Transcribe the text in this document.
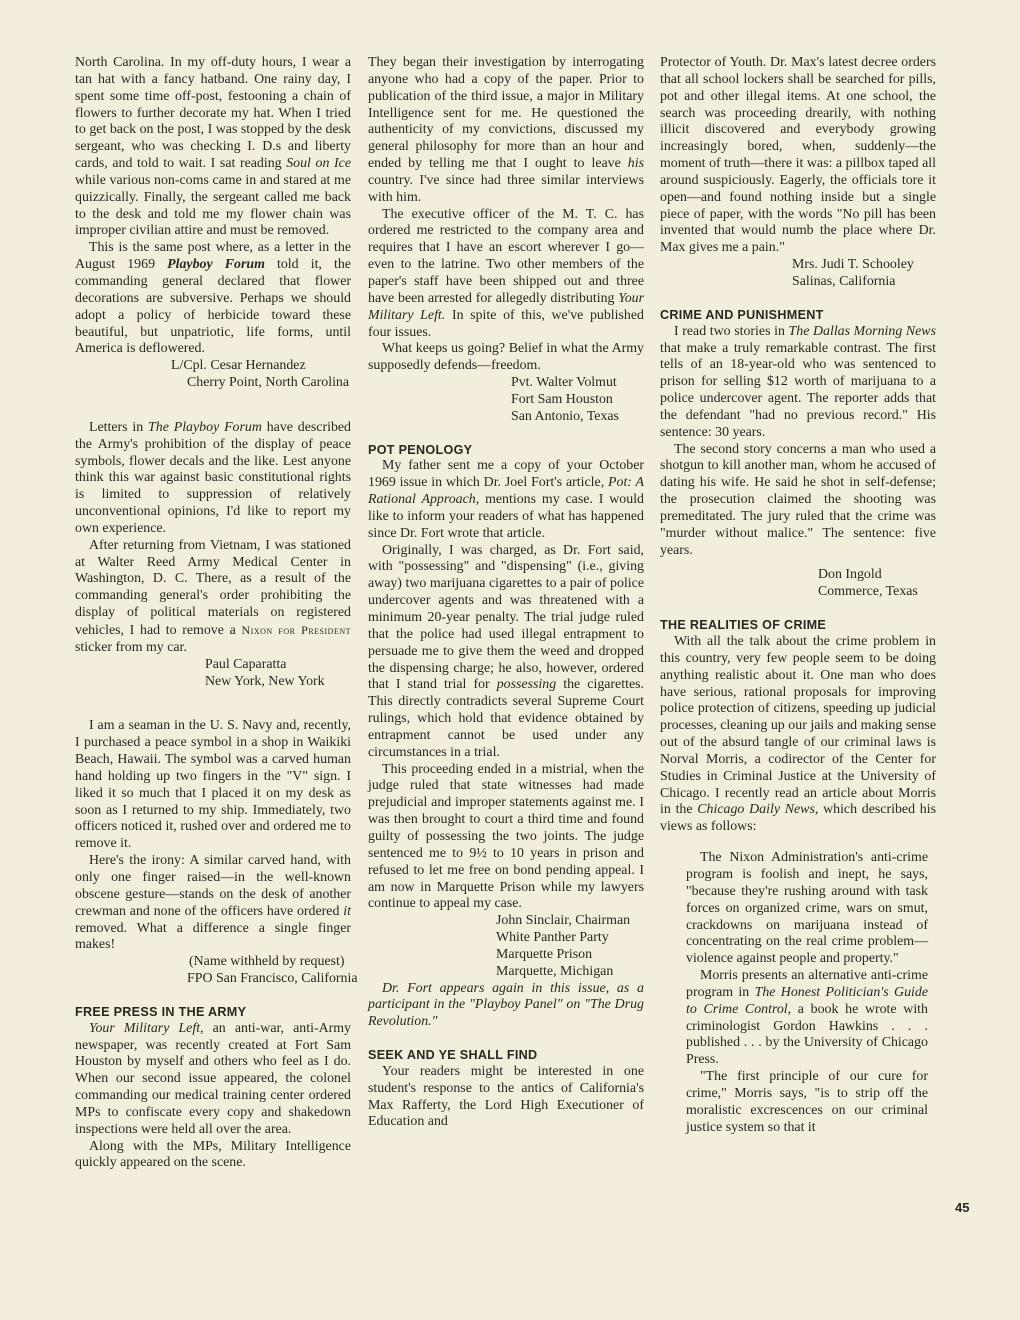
North Carolina. In my off-duty hours, I wear a tan hat with a fancy hatband. One rainy day, I spent some time off-post, festooning a chain of flowers to further decorate my hat. When I tried to get back on the post, I was stopped by the desk sergeant, who was checking I. D.s and liberty cards, and told to wait. I sat reading Soul on Ice while various non-coms came in and stared at me quizzically. Finally, the sergeant called me back to the desk and told me my flower chain was improper civilian attire and must be removed.

This is the same post where, as a letter in the August 1969 Playboy Forum told it, the commanding general declared that flower decorations are subversive. Perhaps we should adopt a policy of herbicide toward these beautiful, but unpatriotic, life forms, until America is deflowered.

L/Cpl. Cesar Hernandez

Cherry Point, North Carolina

Letters in The Playboy Forum have described the Army's prohibition of the display of peace symbols, flower decals and the like. Lest anyone think this war against basic constitutional rights is limited to suppression of relatively unconventional opinions, I'd like to report my own experience.

After returning from Vietnam, I was stationed at Walter Reed Army Medical Center in Washington, D. C. There, as a result of the commanding general's order prohibiting the display of political materials on registered vehicles, I had to remove a Nixon for President sticker from my car.

Paul Caparatta

New York, New York

I am a seaman in the U. S. Navy and, recently, I purchased a peace symbol in a shop in Waikiki Beach, Hawaii. The symbol was a carved human hand holding up two fingers in the "V" sign. I liked it so much that I placed it on my desk as soon as I returned to my ship. Immediately, two officers noticed it, rushed over and ordered me to remove it.

Here's the irony: A similar carved hand, with only one finger raised—in the well-known obscene gesture—stands on the desk of another crewman and none of the officers have ordered it removed. What a difference a single finger makes!

(Name withheld by request)

FPO San Francisco, California

FREE PRESS IN THE ARMY

Your Military Left, an anti-war, anti-Army newspaper, was recently created at Fort Sam Houston by myself and others who feel as I do. When our second issue appeared, the colonel commanding our medical training center ordered MPs to confiscate every copy and shakedown inspections were held all over the area.

Along with the MPs, Military Intelligence quickly appeared on the scene.

They began their investigation by interrogating anyone who had a copy of the paper. Prior to publication of the third issue, a major in Military Intelligence sent for me. He questioned the authenticity of my convictions, discussed my general philosophy for more than an hour and ended by telling me that I ought to leave his country. I've since had three similar interviews with him.

The executive officer of the M. T. C. has ordered me restricted to the company area and requires that I have an escort wherever I go—even to the latrine. Two other members of the paper's staff have been shipped out and three have been arrested for allegedly distributing Your Military Left. In spite of this, we've published four issues.

What keeps us going? Belief in what the Army supposedly defends—freedom.

Pvt. Walter Volmut

Fort Sam Houston

San Antonio, Texas

POT PENOLOGY

My father sent me a copy of your October 1969 issue in which Dr. Joel Fort's article, Pot: A Rational Approach, mentions my case. I would like to inform your readers of what has happened since Dr. Fort wrote that article.

Originally, I was charged, as Dr. Fort said, with "possessing" and "dispensing" (i.e., giving away) two marijuana cigarettes to a pair of police undercover agents and was threatened with a minimum 20-year penalty. The trial judge ruled that the police had used illegal entrapment to persuade me to give them the weed and dropped the dispensing charge; he also, however, ordered that I stand trial for possessing the cigarettes. This directly contradicts several Supreme Court rulings, which hold that evidence obtained by entrapment cannot be used under any circumstances in a trial.

This proceeding ended in a mistrial, when the judge ruled that state witnesses had made prejudicial and improper statements against me. I was then brought to court a third time and found guilty of possessing the two joints. The judge sentenced me to 9½ to 10 years in prison and refused to let me free on bond pending appeal. I am now in Marquette Prison while my lawyers continue to appeal my case.

John Sinclair, Chairman

White Panther Party

Marquette Prison

Marquette, Michigan

Dr. Fort appears again in this issue, as a participant in the "Playboy Panel" on "The Drug Revolution."

SEEK AND YE SHALL FIND

Your readers might be interested in one student's response to the antics of California's Max Rafferty, the Lord High Executioner of Education and

Protector of Youth. Dr. Max's latest decree orders that all school lockers shall be searched for pills, pot and other illegal items. At one school, the search was proceeding drearily, with nothing illicit discovered and everybody growing increasingly bored, when, suddenly—the moment of truth—there it was: a pillbox taped all around suspiciously. Eagerly, the officials tore it open—and found nothing inside but a single piece of paper, with the words "No pill has been invented that would numb the place where Dr. Max gives me a pain."

Mrs. Judi T. Schooley

Salinas, California

CRIME AND PUNISHMENT

I read two stories in The Dallas Morning News that make a truly remarkable contrast. The first tells of an 18-year-old who was sentenced to prison for selling $12 worth of marijuana to a police undercover agent. The reporter adds that the defendant "had no previous record." His sentence: 30 years.

The second story concerns a man who used a shotgun to kill another man, whom he accused of dating his wife. He said he shot in self-defense; the prosecution claimed the shooting was premeditated. The jury ruled that the crime was "murder without malice." The sentence: five years.

Don Ingold

Commerce, Texas

THE REALITIES OF CRIME

With all the talk about the crime problem in this country, very few people seem to be doing anything realistic about it. One man who does have serious, rational proposals for improving police protection of citizens, speeding up judicial processes, cleaning up our jails and making sense out of the absurd tangle of our criminal laws is Norval Morris, a codirector of the Center for Studies in Criminal Justice at the University of Chicago. I recently read an article about Morris in the Chicago Daily News, which described his views as follows:

The Nixon Administration's anti-crime program is foolish and inept, he says, "because they're rushing around with task forces on organized crime, wars on smut, crackdowns on marijuana instead of concentrating on the real crime problem—violence against people and property."

Morris presents an alternative anti-crime program in The Honest Politician's Guide to Crime Control, a book he wrote with criminologist Gordon Hawkins . . . published . . . by the University of Chicago Press.

"The first principle of our cure for crime," Morris says, "is to strip off the moralistic excrescences on our criminal justice system so that it

45
